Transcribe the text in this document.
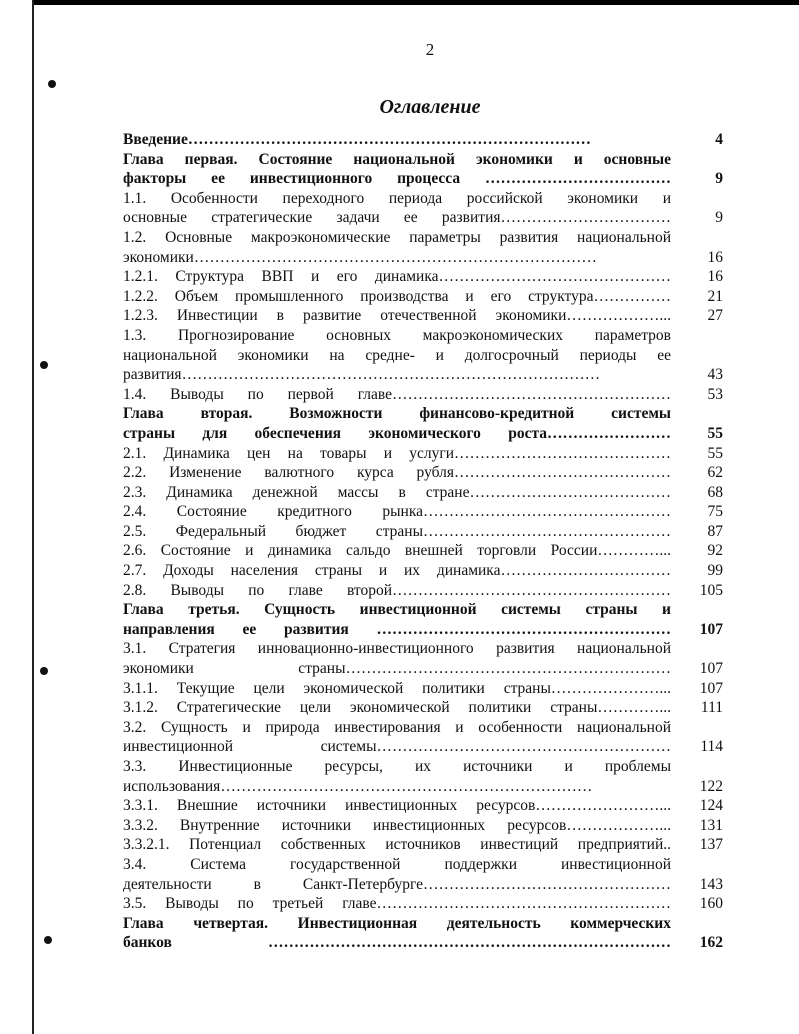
2
Оглавление
Введение……………………………………………………………………	4
Глава первая. Состояние национальной экономики и основные
факторы ее инвестиционного процесса ………………………………	9
1.1. Особенности переходного периода российской экономики и
основные стратегические задачи ее развития……………………………	9
1.2. Основные макроэкономические параметры развития национальной
экономики……………………………………………………………………	16
1.2.1. Структура ВВП и его динамика………………………………………	16
1.2.2. Объем промышленного производства и его структура……………	21
1.2.3. Инвестиции в развитие отечественной экономики………………...	27
1.3. Прогнозирование основных макроэкономических параметров
национальной экономики на средне- и долгосрочный периоды ее
развития………………………………………………………………………	43
1.4. Выводы по первой главе………………………………………………	53
Глава вторая. Возможности финансово-кредитной системы
страны для обеспечения экономического роста……………………	55
2.1. Динамика цен на товары и услуги……………………………………	55
2.2. Изменение валютного курса рубля……………………………………	62
2.3. Динамика денежной массы в стране…………………………………	68
2.4. Состояние кредитного рынка…………………………………………	75
2.5. Федеральный бюджет страны…………………………………………	87
2.6. Состояние и динамика сальдо внешней торговли России…………...	92
2.7. Доходы населения страны и их динамика……………………………	99
2.8. Выводы по главе второй………………………………………………	105
Глава третья. Сущность инвестиционной системы страны и
направления ее развития …………………………………………………	107
3.1. Стратегия инновационно-инвестиционного развития национальной
экономики страны………………………………………………………	107
3.1.1. Текущие цели экономической политики страны…………………...	107
3.1.2. Стратегические цели экономической политики страны…………...	111
3.2. Сущность и природа инвестирования и особенности национальной
инвестиционной системы…………………………………………………	114
3.3. Инвестиционные ресурсы, их источники и проблемы
использования………………………………………………………………	122
3.3.1. Внешние источники инвестиционных ресурсов……………………...	124
3.3.2. Внутренние источники инвестиционных ресурсов………………...	131
3.3.2.1. Потенциал собственных источников инвестиций предприятий..	137
3.4. Система государственной поддержки инвестиционной
деятельности в Санкт-Петербурге…………………………………………	143
3.5. Выводы по третьей главе…………………………………………………	160
Глава четвертая. Инвестиционная деятельность коммерческих
банков ……………………………………………………………………	162
